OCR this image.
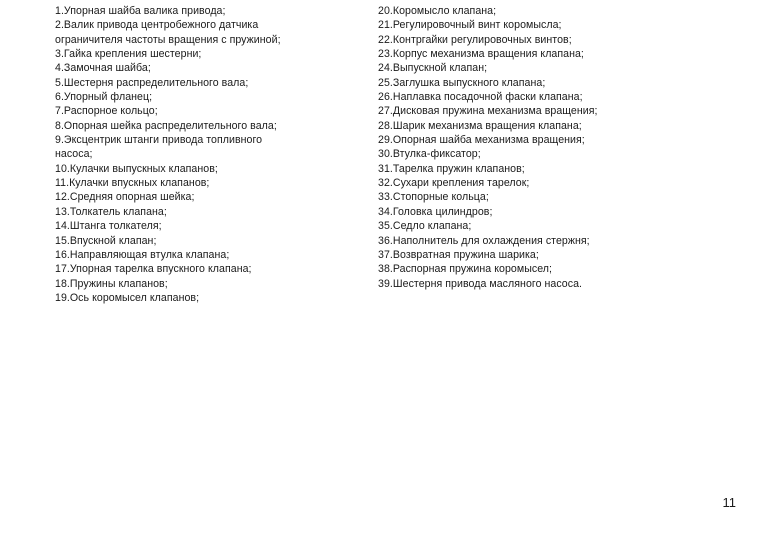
1.Упорная шайба валика привода;
2.Валик привода центробежного датчика
ограничителя частоты вращения с пружиной;
3.Гайка крепления шестерни;
4.Замочная шайба;
5.Шестерня распределительного вала;
6.Упорный фланец;
7.Распорное кольцо;
8.Опорная шейка распределительного вала;
9.Эксцентрик штанги привода топливного
насоса;
10.Кулачки выпускных клапанов;
11.Кулачки впускных клапанов;
12.Средняя опорная шейка;
13.Толкатель клапана;
14.Штанга толкателя;
15.Впускной клапан;
16.Направляющая втулка клапана;
17.Упорная тарелка впускного клапана;
18.Пружины клапанов;
19.Ось коромысел клапанов;
20.Коромысло клапана;
21.Регулировочный винт коромысла;
22.Контргайки регулировочных винтов;
23.Корпус механизма вращения клапана;
24.Выпускной клапан;
25.Заглушка выпускного клапана;
26.Наплавка посадочной фаски клапана;
27.Дисковая пружина механизма вращения;
28.Шарик механизма вращения клапана;
29.Опорная шайба механизма вращения;
30.Втулка-фиксатор;
31.Тарелка пружин клапанов;
32.Сухари крепления тарелок;
33.Стопорные кольца;
34.Головка цилиндров;
35.Седло клапана;
36.Наполнитель для охлаждения стержня;
37.Возвратная пружина шарика;
38.Распорная пружина коромысел;
39.Шестерня привода масляного насоса.
11
